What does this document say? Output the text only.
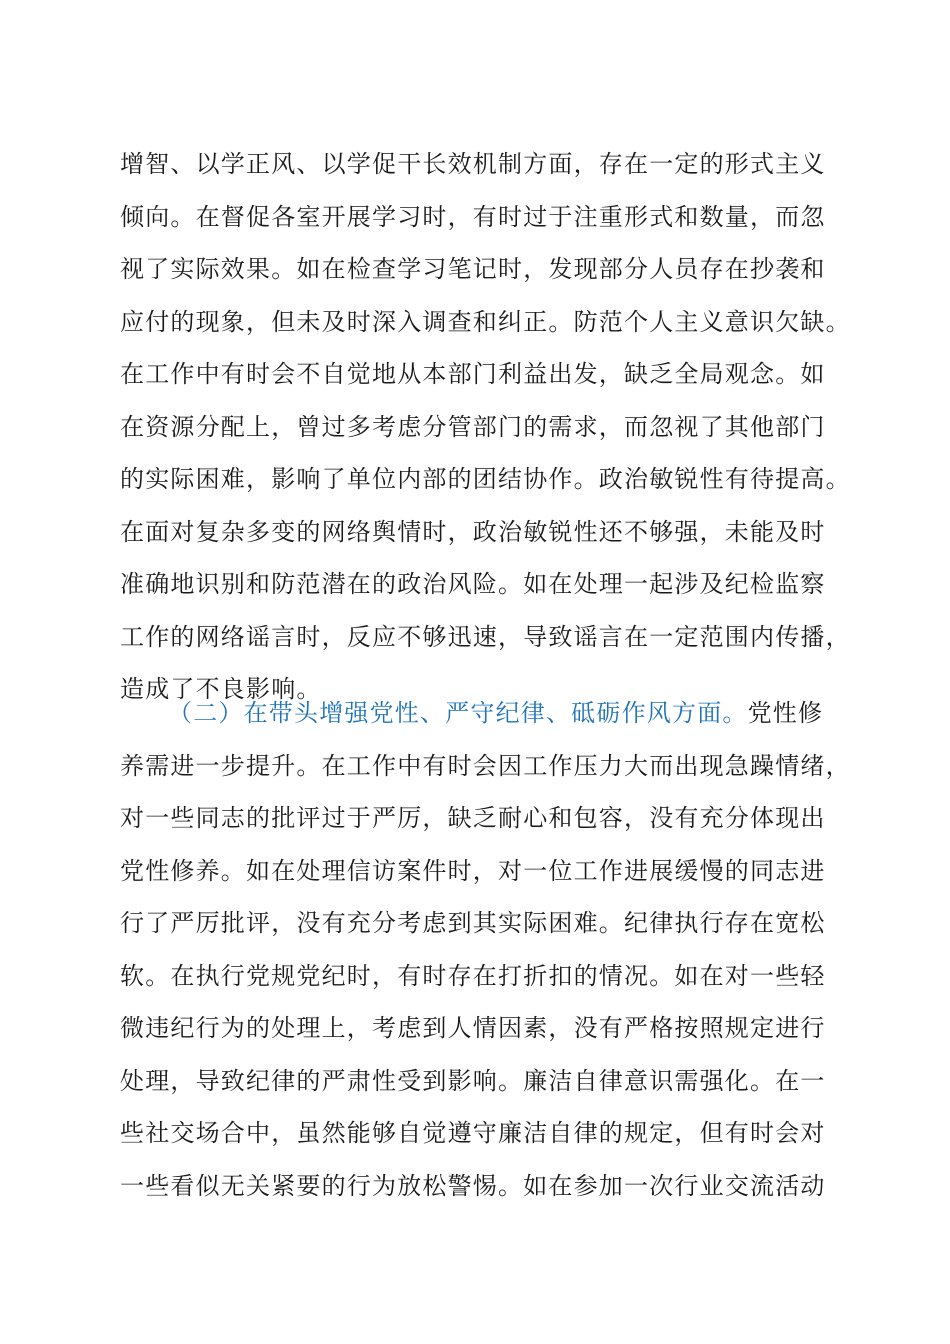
增智、以学正风、以学促干长效机制方面，存在一定的形式主义
倾向。在督促各室开展学习时，有时过于注重形式和数量，而忽
视了实际效果。如在检查学习笔记时，发现部分人员存在抄袭和
应付的现象，但未及时深入调查和纠正。防范个人主义意识欠缺。
在工作中有时会不自觉地从本部门利益出发，缺乏全局观念。如
在资源分配上，曾过多考虑分管部门的需求，而忽视了其他部门
的实际困难，影响了单位内部的团结协作。政治敏锐性有待提高。
在面对复杂多变的网络舆情时，政治敏锐性还不够强，未能及时
准确地识别和防范潜在的政治风险。如在处理一起涉及纪检监察
工作的网络谣言时，反应不够迅速，导致谣言在一定范围内传播，
造成了不良影响。
（二）在带头增强党性、严守纪律、砥砺作风方面。党性修
养需进一步提升。在工作中有时会因工作压力大而出现急躁情绪，
对一些同志的批评过于严厉，缺乏耐心和包容，没有充分体现出
党性修养。如在处理信访案件时，对一位工作进展缓慢的同志进
行了严厉批评，没有充分考虑到其实际困难。纪律执行存在宽松
软。在执行党规党纪时，有时存在打折扣的情况。如在对一些轻
微违纪行为的处理上，考虑到人情因素，没有严格按照规定进行
处理，导致纪律的严肃性受到影响。廉洁自律意识需强化。在一
些社交场合中，虽然能够自觉遵守廉洁自律的规定，但有时会对
一些看似无关紧要的行为放松警惕。如在参加一次行业交流活动
